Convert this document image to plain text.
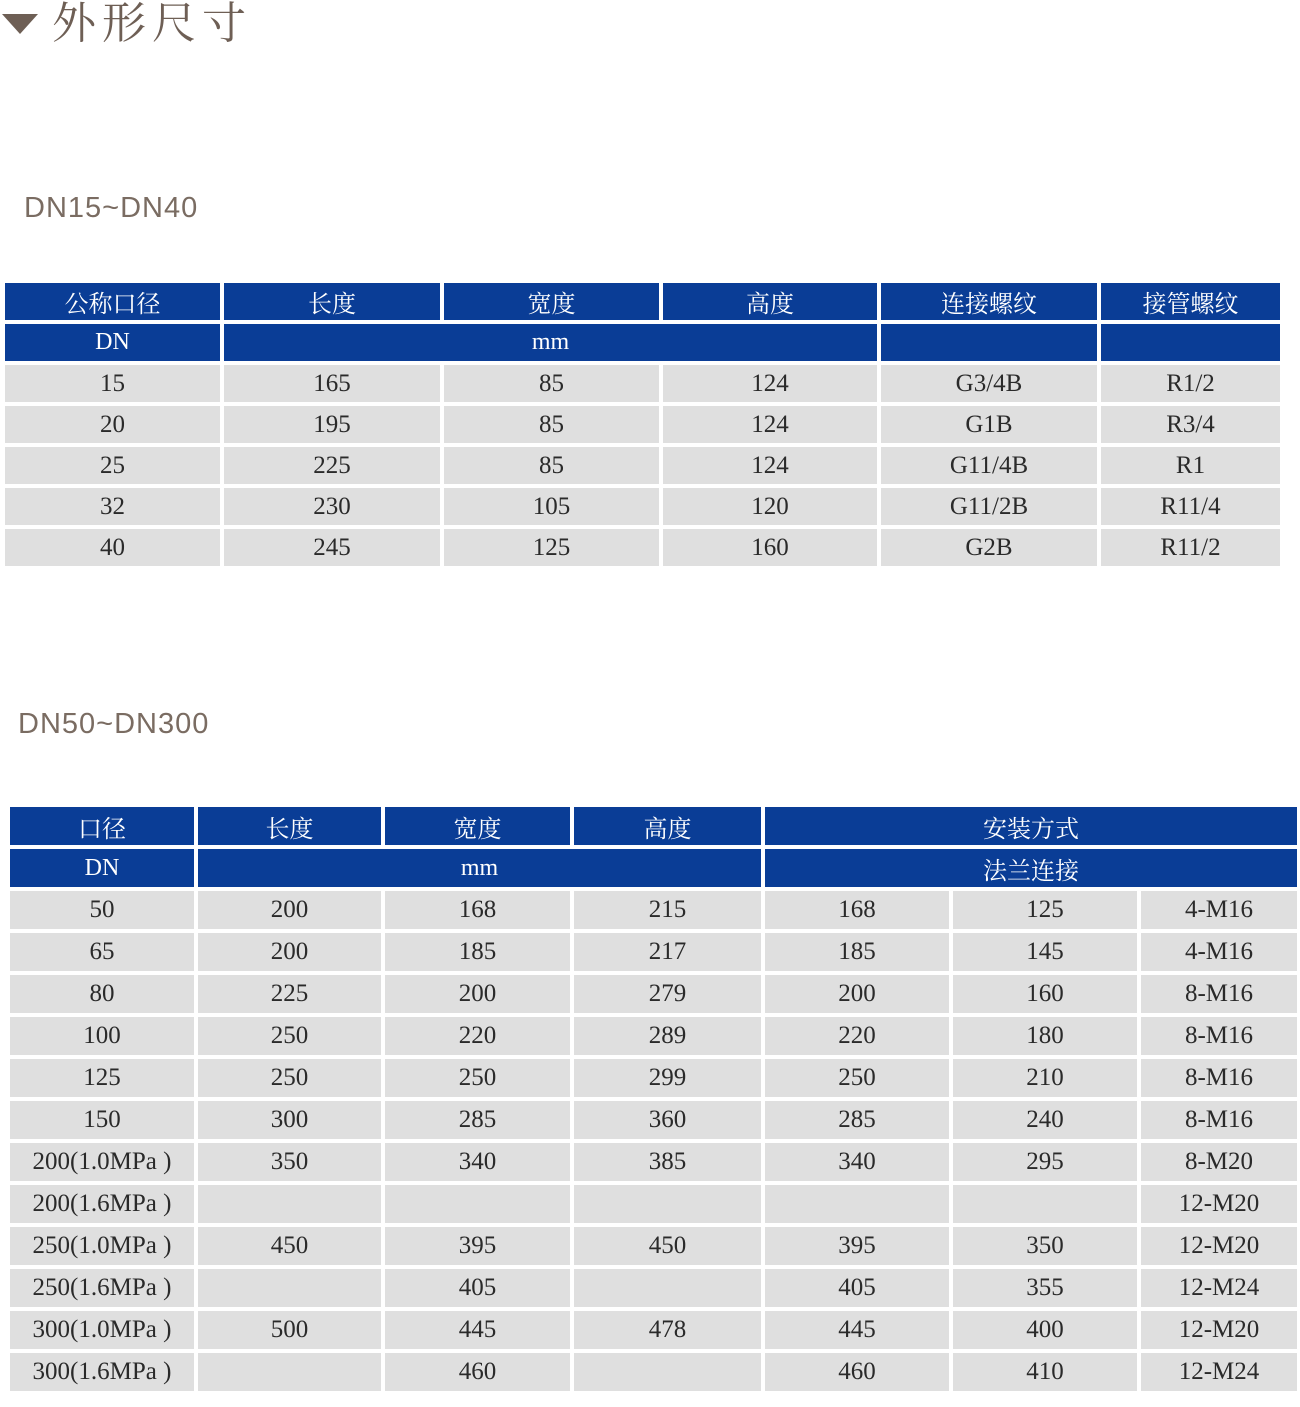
外形尺寸
DN15~DN40
公称口径	长度	宽度	高度	连接螺纹	接管螺纹
DN	mm				
15	165	85	124	G3/4B	R1/2
20	195	85	124	G1B	R3/4
25	225	85	124	G11/4B	R1
32	230	105	120	G11/2B	R11/4
40	245	125	160	G2B	R11/2
DN50~DN300
口径	长度	宽度	高度	安装方式		
DN	mm			法兰连接		
50	200	168	215	168	125	4-M16
65	200	185	217	185	145	4-M16
80	225	200	279	200	160	8-M16
100	250	220	289	220	180	8-M16
125	250	250	299	250	210	8-M16
150	300	285	360	285	240	8-M16
200(1.0MPa )	350	340	385	340	295	8-M20
200(1.6MPa )						12-M20
250(1.0MPa )	450	395	450	395	350	12-M20
250(1.6MPa )		405		405	355	12-M24
300(1.0MPa )	500	445	478	445	400	12-M20
300(1.6MPa )		460		460	410	12-M24
